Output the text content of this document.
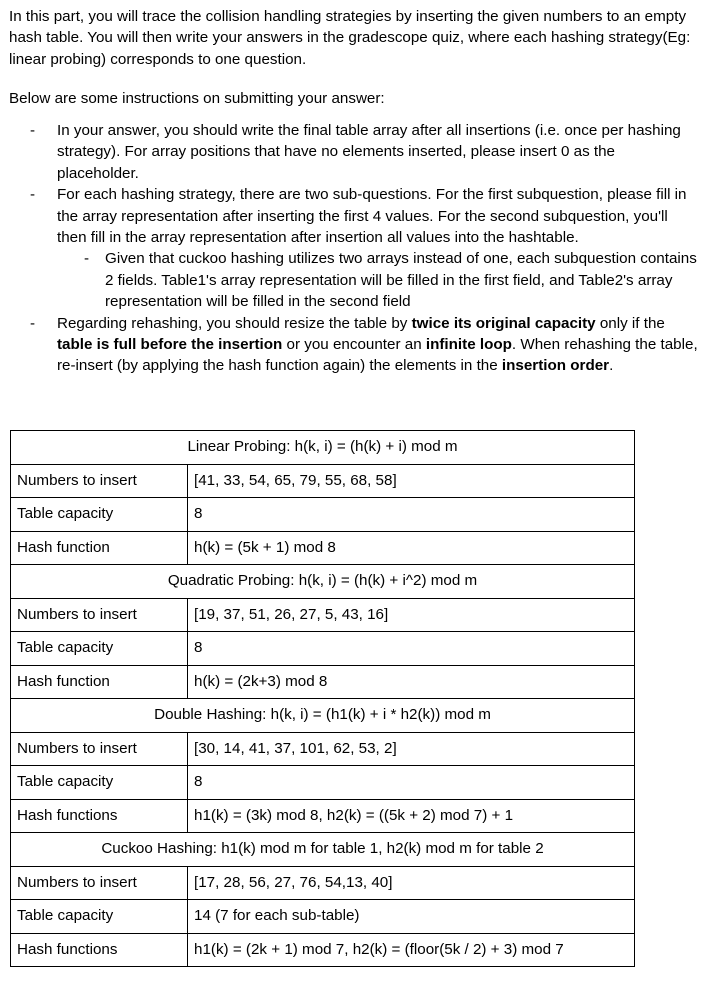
In this part, you will trace the collision handling strategies by inserting the given numbers to an empty hash table. You will then write your answers in the gradescope quiz, where each hashing strategy(Eg: linear probing) corresponds to one question.

Below are some instructions on submitting your answer:

- In your answer, you should write the final table array after all insertions (i.e. once per hashing strategy). For array positions that have no elements inserted, please insert 0 as the placeholder.
- For each hashing strategy, there are two sub-questions. For the first subquestion, please fill in the array representation after inserting the first 4 values. For the second subquestion, you'll then fill in the array representation after insertion all values into the hashtable.
- Given that cuckoo hashing utilizes two arrays instead of one, each subquestion contains 2 fields. Table1's array representation will be filled in the first field, and Table2's array representation will be filled in the second field
- Regarding rehashing, you should resize the table by twice its original capacity only if the table is full before the insertion or you encounter an infinite loop. When rehashing the table, re-insert (by applying the hash function again) the elements in the insertion order.
Linear Probing: h(k, i) = (h(k) + i) mod m	
Numbers to insert	[41, 33, 54, 65, 79, 55, 68, 58]
Table capacity	8
Hash function	h(k) = (5k + 1) mod 8
Quadratic Probing: h(k, i) = (h(k) + i^2) mod m	
Numbers to insert	[19, 37, 51, 26, 27, 5, 43, 16]
Table capacity	8
Hash function	h(k) = (2k+3) mod 8
Double Hashing: h(k, i) = (h1(k) + i * h2(k)) mod m	
Numbers to insert	[30, 14, 41, 37, 101, 62, 53, 2]
Table capacity	8
Hash functions	h1(k) = (3k) mod 8, h2(k) = ((5k + 2) mod 7) + 1
Cuckoo Hashing: h1(k) mod m for table 1, h2(k) mod m for table 2	
Numbers to insert	[17, 28, 56, 27, 76, 54,13, 40]
Table capacity	14 (7 for each sub-table)
Hash functions	h1(k) = (2k + 1) mod 7, h2(k) = (floor(5k / 2) + 3) mod 7
